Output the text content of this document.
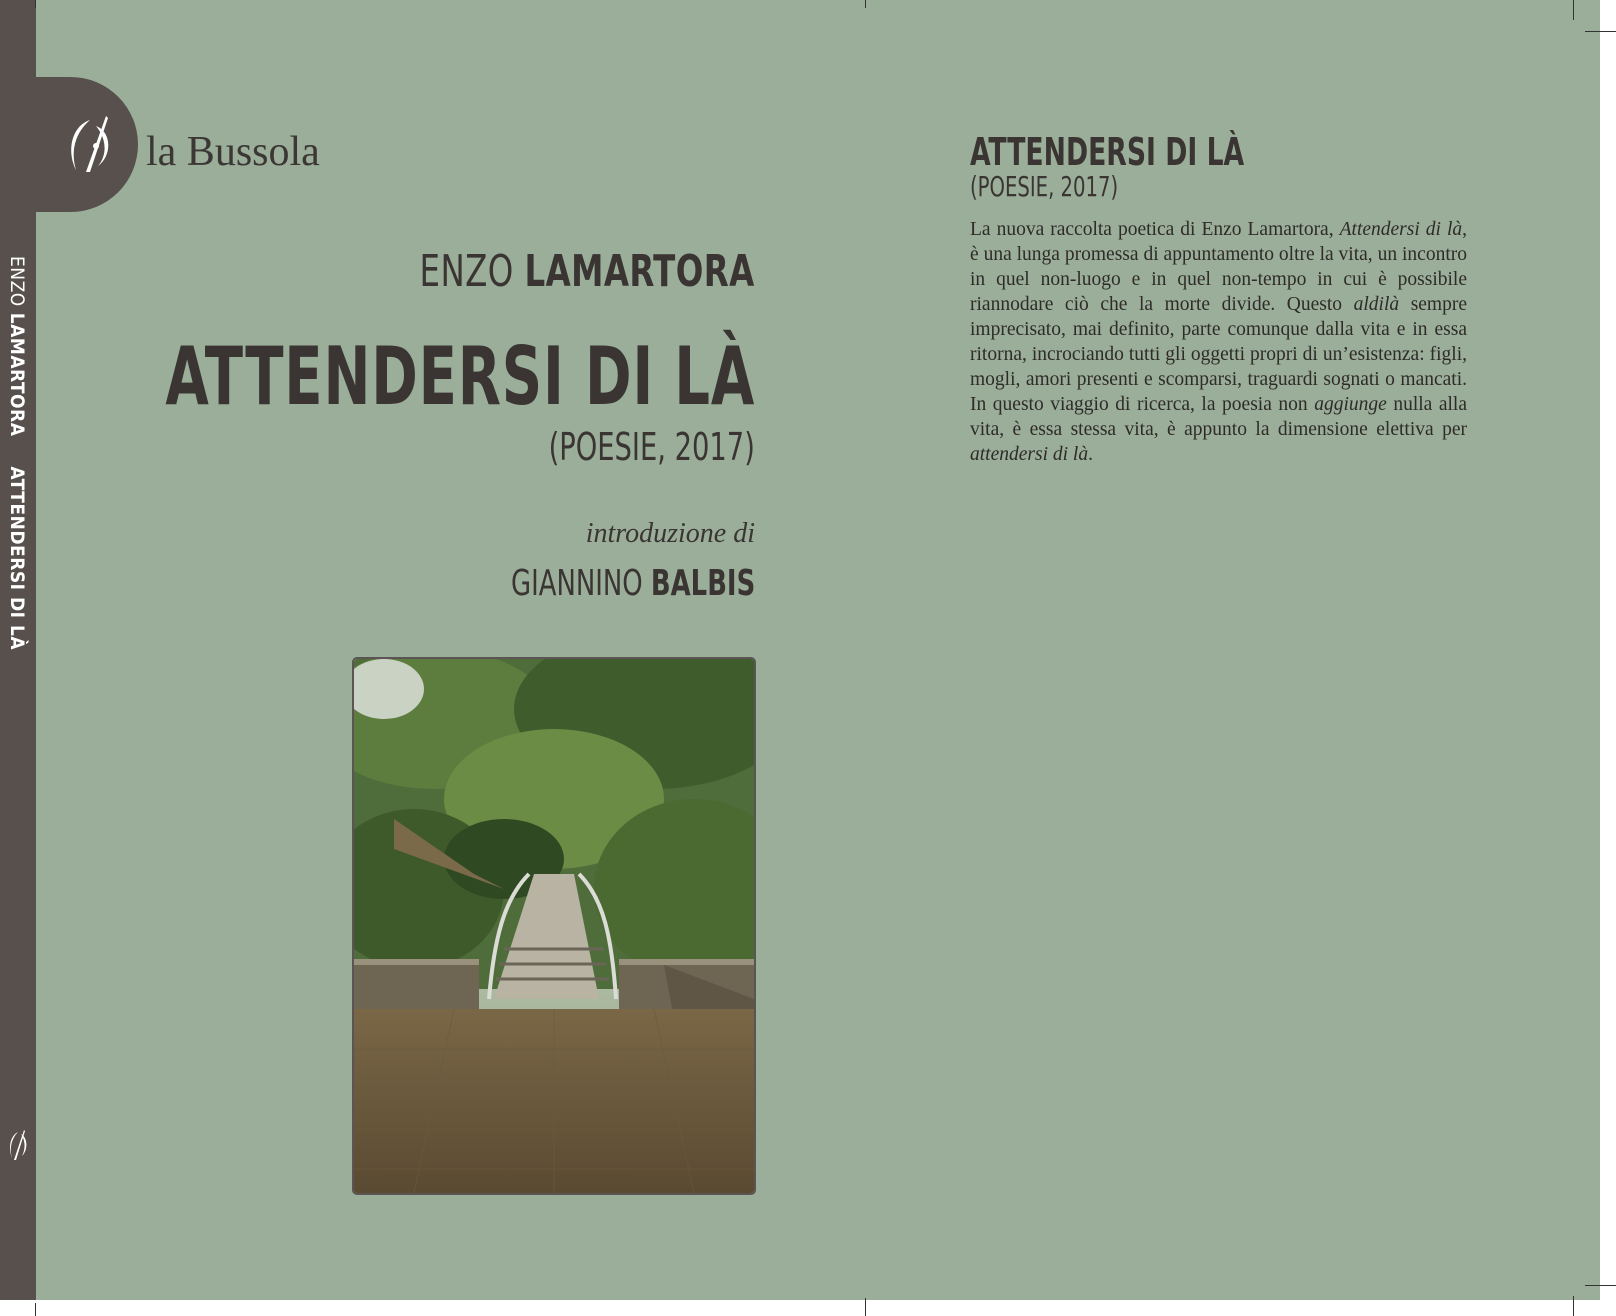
ENZO LAMARTORA  ATTENDERSI DI LÀ
la Bussola
ENZO LAMARTORA
ATTENDERSI DI LÀ
(POESIE, 2017)
introduzione di
GIANNINO BALBIS
ATTENDERSI DI LÀ
(POESIE, 2017)
La nuova raccolta poetica di Enzo Lamartora, Attendersi di là, è una lunga promessa di appuntamento oltre la vita, un incontro in quel non-luogo e in quel non-tempo in cui è possibile riannodare ciò che la morte divide. Questo aldilà sempre imprecisato, mai definito, parte comunque dalla vita e in essa ritorna, incrociando tutti gli oggetti propri di un’esistenza: figli, mogli, amori presenti e scomparsi, traguardi sognati o mancati. In questo viaggio di ricerca, la poesia non aggiunge nulla alla vita, è essa stessa vita, è appunto la dimensione elettiva per attendersi di là.
